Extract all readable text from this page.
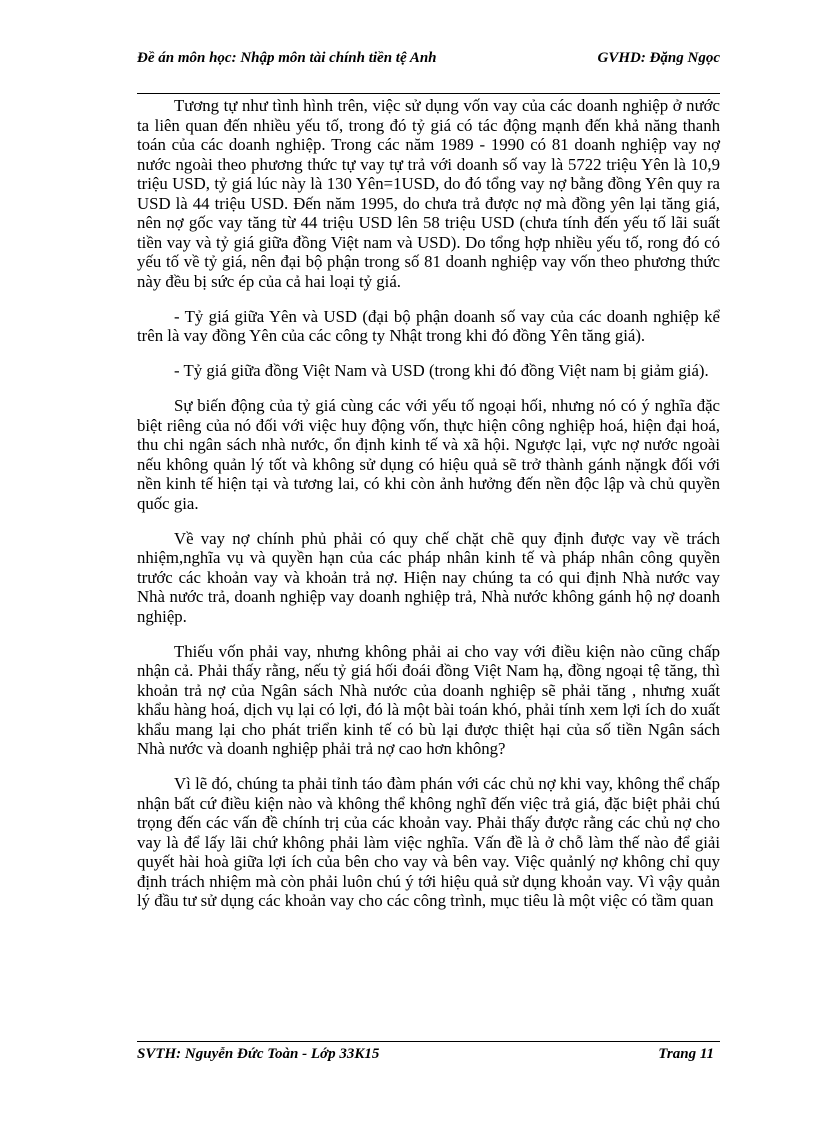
Đề án môn học: Nhập môn tài chính tiền tệ Anh	GVHD: Đặng Ngọc

Tương tự như tình hình trên, việc sử dụng vốn vay của các doanh nghiệp ở nước ta liên quan đến nhiều yếu tố, trong đó tỷ giá có tác động mạnh đến khả năng thanh toán của các doanh nghiệp. Trong các năm 1989 - 1990 có 81 doanh nghiệp vay nợ nước ngoài theo phương thức tự vay tự trả với doanh số vay là 5722 triệu Yên là 10,9 triệu USD, tỷ giá lúc này là 130 Yên=1USD, do đó tổng vay nợ bằng đồng Yên quy ra USD là 44 triệu USD. Đến năm 1995, do chưa trả được nợ mà đồng yên lại tăng giá, nên nợ gốc vay tăng từ 44 triệu USD lên 58 triệu USD (chưa tính đến yếu tố lãi suất tiền vay và tỷ giá giữa đồng Việt nam và USD). Do tổng hợp nhiều yếu tố, rong đó có yếu tố về tỷ giá, nên đại bộ phận trong số 81 doanh nghiệp vay vốn theo phương thức này đều bị sức ép của cả hai loại tỷ giá.

- Tỷ giá giữa Yên và USD (đại bộ phận doanh số vay của các doanh nghiệp kể trên là vay đồng Yên của các công ty Nhật trong khi đó đồng Yên tăng giá).

- Tỷ giá giữa đồng Việt Nam và USD (trong khi đó đồng Việt nam bị giảm giá).

Sự biến động của tỷ giá cùng các với yếu tố ngoại hối, nhưng nó có ý nghĩa đặc biệt riêng của nó đối với việc huy động vốn, thực hiện công nghiệp hoá, hiện đại hoá, thu chi ngân sách nhà nước, ổn định kinh tế và xã hội. Ngược lại, vực nợ nước ngoài nếu không quản lý tốt và không sử dụng có hiệu quả sẽ trở thành gánh nặngk đối với nền kinh tế hiện tại và tương lai, có khi còn ảnh hưởng đến nền độc lập và chủ quyền quốc gia.

Về vay nợ chính phủ phải có quy chế chặt chẽ quy định được vay về trách nhiệm,nghĩa vụ và quyền hạn của các pháp nhân kinh tế và pháp nhân công quyền trước các khoản vay và khoản trả nợ. Hiện nay chúng ta có qui định Nhà nước vay Nhà nước trả, doanh nghiệp vay doanh nghiệp trả, Nhà nước không gánh hộ nợ doanh nghiệp.

Thiếu vốn phải vay, nhưng không phải ai cho vay với điều kiện nào cũng chấp nhận cả. Phải thấy rằng, nếu tỷ giá hối đoái đồng Việt Nam hạ, đồng ngoại tệ tăng, thì khoản trả nợ của Ngân sách Nhà nước của doanh nghiệp sẽ phải tăng , nhưng xuất khẩu hàng hoá, dịch vụ lại có lợi, đó là một bài toán khó, phải tính xem lợi ích do xuất khẩu mang lại cho phát triển kinh tế có bù lại được thiệt hại của số tiền Ngân sách Nhà nước và doanh nghiệp phải trả nợ cao hơn không?

Vì lẽ đó, chúng ta phải tỉnh táo đàm phán với các chủ nợ khi vay, không thể chấp nhận bất cứ điều kiện nào và không thể không nghĩ đến việc trả giá, đặc biệt phải chú trọng đến các vấn đề chính trị của các khoản vay. Phải thấy được rằng các chủ nợ cho vay là để lấy lãi chứ không phải làm việc nghĩa. Vấn đề là ở chỗ làm thế nào để giải quyết hài hoà giữa lợi ích của bên cho vay và bên vay. Việc quảnlý nợ không chỉ quy định trách nhiệm mà còn phải luôn chú ý tới hiệu quả sử dụng khoản vay. Vì vậy quản lý đầu tư sử dụng các khoản vay cho các công trình, mục tiêu là một việc có tầm quan

SVTH: Nguyễn Đức Toàn - Lớp 33K15	Trang 11
